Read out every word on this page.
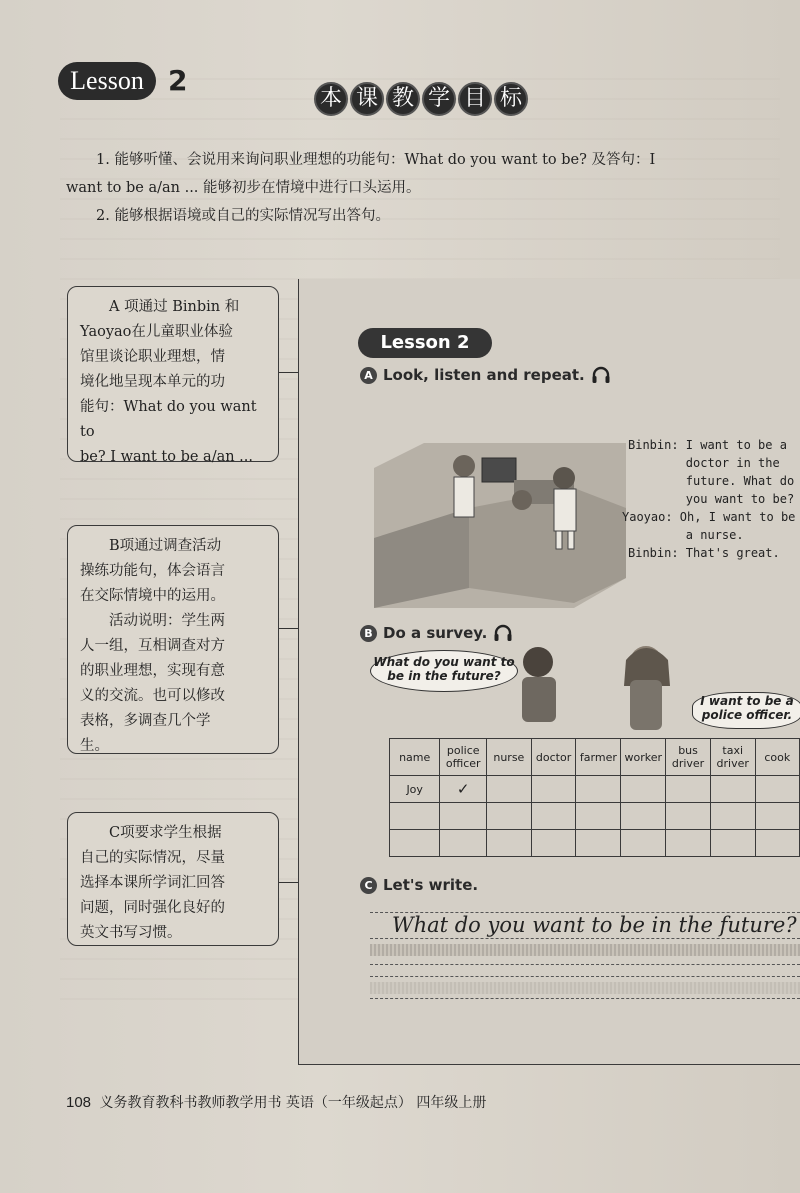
Lesson 2
本 课 教 学 目 标
1. 能够听懂、会说用来询问职业理想的功能句：What do you want to be? 及答句：I
want to be a/an ... 能够初步在情境中进行口头运用。
2. 能够根据语境或自己的实际情况写出答句。

A 项通过 Binbin 和

Yaoyao在儿童职业体验
馆里谈论职业理想，情
境化地呈现本单元的功
能句：What do you want to
be? I want to be a/an ...

B项通过调查活动

操练功能句，体会语言
在交际情境中的运用。

活动说明：学生两

人一组，互相调查对方
的职业理想，实现有意
义的交流。也可以修改
表格，多调查几个学
生。

C项要求学生根据

自己的实际情况，尽量
选择本课所学词汇回答
问题，同时强化良好的
英文书写习惯。
Lesson 2
A Look, listen and repeat.
Binbin: I want to be a
doctor in the
future. What do
you want to be?
Yaoyao: Oh, I want to be
a nurse.
Binbin: That's great.
B Do a survey.
What do you want to be in the future?
I want to be a police officer.
name	police officer	nurse	doctor	farmer	worker	bus driver	taxi driver	cook
Joy	✓							

C Let's write.
What do you want to be in the future?
108 义务教育教科书教师教学用书 英语（一年级起点） 四年级上册
